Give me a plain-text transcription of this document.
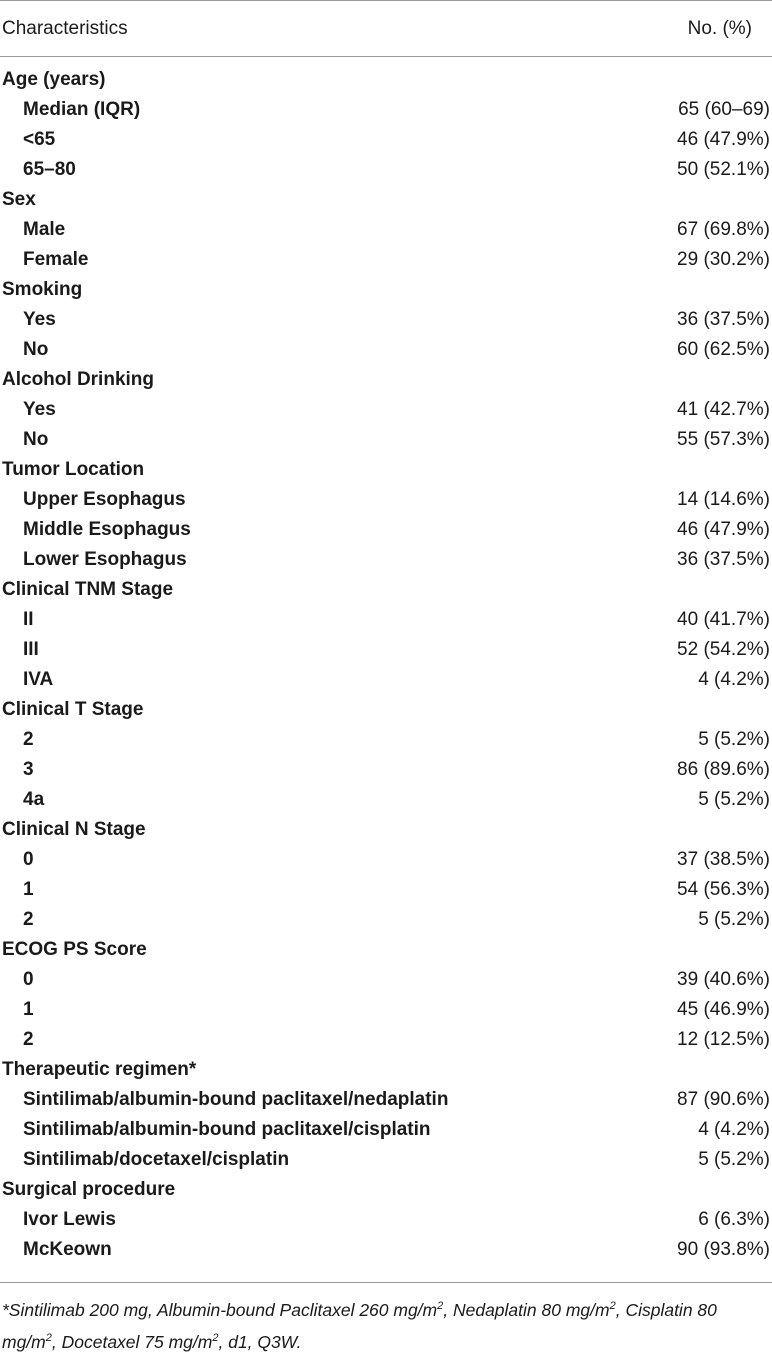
Characteristics	No. (%)
Age (years)
Median (IQR)	65 (60–69)
<65	46 (47.9%)
65–80	50 (52.1%)
Sex
Male	67 (69.8%)
Female	29 (30.2%)
Smoking
Yes	36 (37.5%)
No	60 (62.5%)
Alcohol Drinking
Yes	41 (42.7%)
No	55 (57.3%)
Tumor Location
Upper Esophagus	14 (14.6%)
Middle Esophagus	46 (47.9%)
Lower Esophagus	36 (37.5%)
Clinical TNM Stage
II	40 (41.7%)
III	52 (54.2%)
IVA	4 (4.2%)
Clinical T Stage
2	5 (5.2%)
3	86 (89.6%)
4a	5 (5.2%)
Clinical N Stage
0	37 (38.5%)
1	54 (56.3%)
2	5 (5.2%)
ECOG PS Score
0	39 (40.6%)
1	45 (46.9%)
2	12 (12.5%)
Therapeutic regimen*
Sintilimab/albumin-bound paclitaxel/nedaplatin	87 (90.6%)
Sintilimab/albumin-bound paclitaxel/cisplatin	4 (4.2%)
Sintilimab/docetaxel/cisplatin	5 (5.2%)
Surgical procedure
Ivor Lewis	6 (6.3%)
McKeown	90 (93.8%)
*Sintilimab 200 mg, Albumin-bound Paclitaxel 260 $mg/m^2$, Nedaplatin 80 $mg/m^2$, Cisplatin 80 $mg/m^2$, Docetaxel 75 $mg/m^2$, d1, Q3W.
